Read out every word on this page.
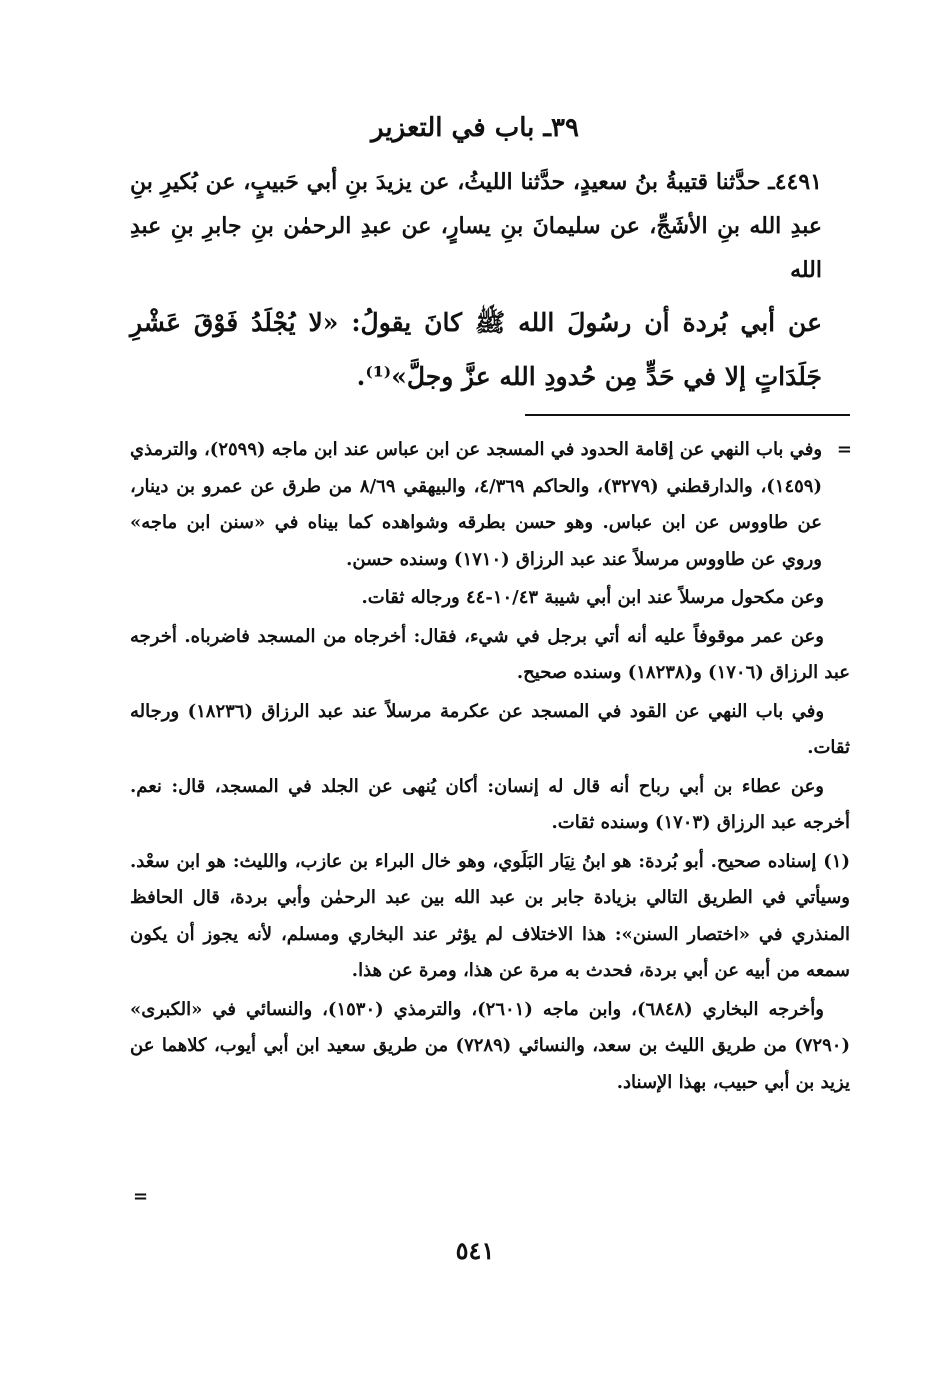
٣٩ـ باب في التعزير
٤٤٩١ـ حدَّثنا قتيبةُ بنُ سعيدٍ، حدَّثنا الليثُ، عن يزيدَ بنِ أبي حَبيبٍ، عن بُكيرِ بنِ عبدِ الله بنِ الأشَجِّ، عن سليمانَ بنِ يسارٍ، عن عبدِ الرحمٰن بنِ جابرِ بنِ عبدِ الله
عن أبي بُردة أن رسُولَ الله ﷺ كانَ يقولُ: «لا يُجْلَدُ فَوْقَ عَشْرِ جَلَدَاتٍ إلا في حَدٍّ مِن حُدودِ الله عزَّ وجلَّ»⁽¹⁾.
=

وفي باب النهي عن إقامة الحدود في المسجد عن ابن عباس عند ابن ماجه (٢٥٩٩)، والترمذي (١٤٥٩)، والدارقطني (٣٢٧٩)، والحاكم ٤/٣٦٩، والبيهقي ٨/٦٩ من طرق عن عمرو بن دينار، عن طاووس عن ابن عباس. وهو حسن بطرقه وشواهده كما بيناه في «سنن ابن ماجه» وروي عن طاووس مرسلاً عند عبد الرزاق (١٧١٠) وسنده حسن.

وعن مكحول مرسلاً عند ابن أبي شيبة ١٠/٤٣-٤٤ ورجاله ثقات.

وعن عمر موقوفاً عليه أنه أتي برجل في شيء، فقال: أخرجاه من المسجد فاضرباه. أخرجه عبد الرزاق (١٧٠٦) و(١٨٢٣٨) وسنده صحيح.

وفي باب النهي عن القود في المسجد عن عكرمة مرسلاً عند عبد الرزاق (١٨٢٣٦) ورجاله ثقات.

وعن عطاء بن أبي رباح أنه قال له إنسان: أكان يُنهى عن الجلد في المسجد، قال: نعم. أخرجه عبد الرزاق (١٧٠٣) وسنده ثقات.

(١) إسناده صحيح. أبو بُردة: هو ابنُ نِيَار البَلَوي، وهو خال البراء بن عازب، والليث: هو ابن سعْد. وسيأتي في الطريق التالي بزيادة جابر بن عبد الله بين عبد الرحمٰن وأبي بردة، قال الحافظ المنذري في «اختصار السنن»: هذا الاختلاف لم يؤثر عند البخاري ومسلم، لأنه يجوز أن يكون سمعه من أبيه عن أبي بردة، فحدث به مرة عن هذا، ومرة عن هذا.

وأخرجه البخاري (٦٨٤٨)، وابن ماجه (٢٦٠١)، والترمذي (١٥٣٠)، والنسائي في «الكبرى» (٧٢٩٠) من طريق الليث بن سعد، والنسائي (٧٢٨٩) من طريق سعيد ابن أبي أيوب، كلاهما عن يزيد بن أبي حبيب، بهذا الإسناد.

=
٥٤١
